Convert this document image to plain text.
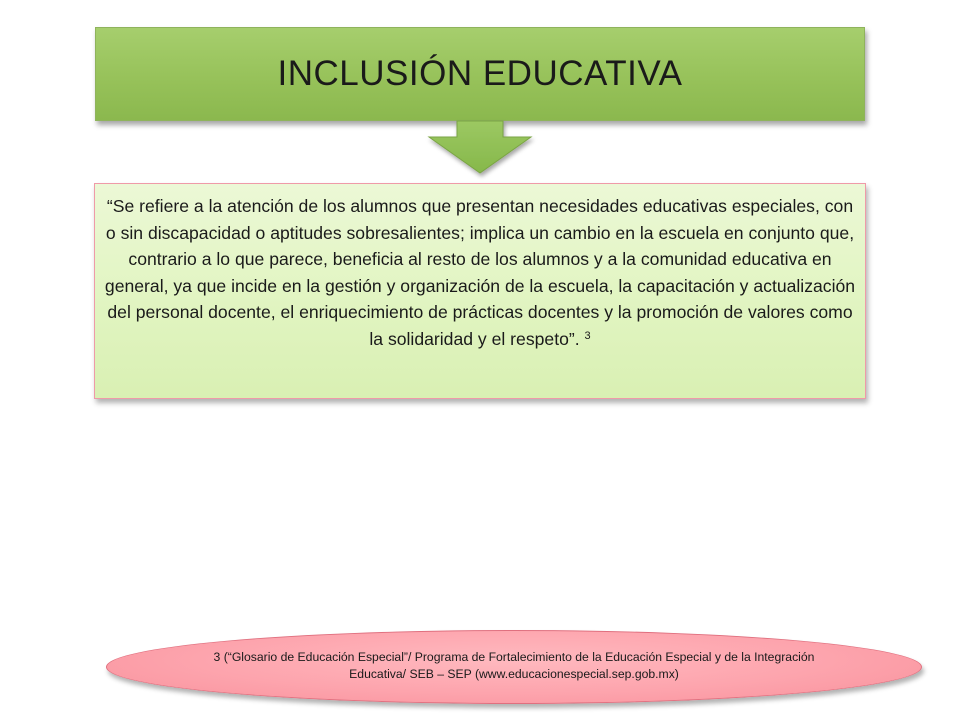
INCLUSIÓN EDUCATIVA

“Se refiere a la atención de los alumnos que presentan necesidades educativas especiales, con o sin discapacidad o aptitudes sobresalientes; implica un cambio en la escuela en conjunto que, contrario a lo que parece, beneficia al resto de los alumnos y a la comunidad educativa en general, ya que incide en la gestión y organización de la escuela, la capacitación y actualización del personal docente, el enriquecimiento de prácticas docentes y la promoción de valores como la solidaridad y el respeto”. $^3$

3 (“Glosario de Educación Especial”/ Programa de Fortalecimiento de la Educación Especial y de la Integración Educativa/ SEB – SEP (www.educacionespecial.sep.gob.mx)
